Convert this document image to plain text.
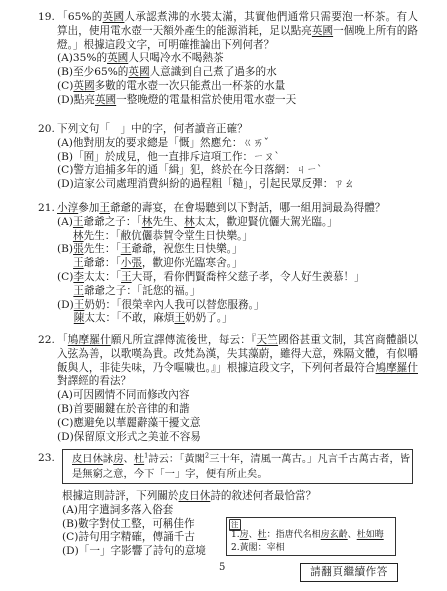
19. 「65%的英國人承認煮沸的水裝太滿，其實他們通常只需要泡一杯茶。有人算出，使用電水壺一天額外產生的能源消耗，足以點亮英國一個晚上所有的路燈。」根據這段文字，可明確推論出下列何者？
(A) 35%的英國人只喝冷水不喝熱茶
(B) 至少65%的英國人意識到自己煮了過多的水
(C) 英國多數的電水壺一次只能煮出一杯茶的水量
(D) 點亮英國一整晚燈的電量相當於使用電水壺一天
20. 下列文句「　」中的字，何者讀音正確？
(A) 他對朋友的要求總是「慨」然應允：ㄍㄞˇ
(B) 「囿」於成見，他一直排斥這項工作：ㄧㄡˋ
(C) 警方追捕多年的通「緝」犯，終於在今日落網：ㄐㄧˋ
(D) 這家公司處理消費糾紛的過程粗「糙」，引起民眾反彈：ㄗㄠ
21. 小淳參加王爺爺的壽宴，在會場聽到以下對話，哪一組用詞最為得體？
(A) 王爺爺之子：「林先生、林太太，歡迎賢伉儷大駕光臨。」
林先生：「敝伉儷恭賀令堂生日快樂。」
(B) 張先生：「王爺爺，祝您生日快樂。」
王爺爺：「小張，歡迎你光臨寒舍。」
(C) 李太太：「王大哥，看你們賢喬梓父慈子孝，令人好生羨慕！」
王爺爺之子：「託您的福。」
(D) 王奶奶：「很榮幸內人我可以替您服務。」
陳太太：「不敢，麻煩王奶奶了。」
22. 「鳩摩羅什願凡所宣譯傳流後世，每云：『天竺國俗甚重文制，其宮商體韻以入弦為善，以歌嘆為貴。改梵為漢，失其藻蔚，雖得大意，殊隔文體，有似嚼飯與人，非徒失味，乃令嘔噦也。』」根據這段文字，下列何者最符合鳩摩羅什對譯經的看法？
(A) 可因國情不同而修改內容
(B) 首要關鍵在於音律的和諧
(C) 應避免以華麗辭藻干擾文意
(D) 保留原文形式之美並不容易
23. 皮日休詠房、杜$^1$詩云：「黃閣$^2$三十年，清風一萬古。」凡言千古萬古者，皆是無窮之意，今下「一」字，便有所止矣。
根據這則詩評，下列關於皮日休詩的敘述何者最恰當？
(A) 用字遣詞多落入俗套
(B) 數字對仗工整，可稱佳作
(C) 詩句用字精確，傳誦千古
(D) 「一」字影響了詩句的意境
注
1.房、杜：指唐代名相房玄齡、杜如晦
2.黃閣：宰相
5	請翻頁繼續作答
